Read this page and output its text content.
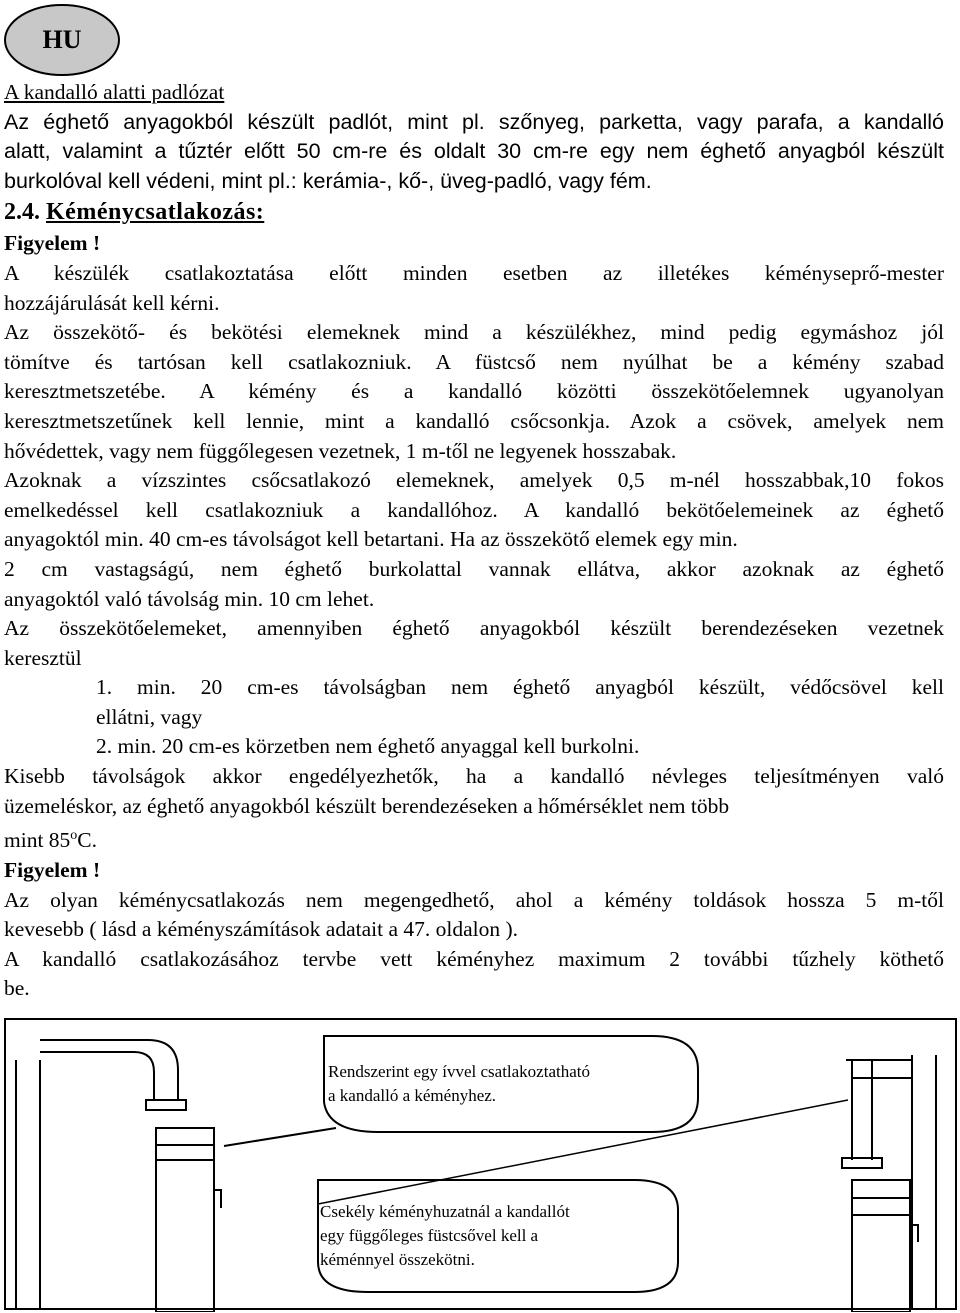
HU

A kandalló alatti padlózat

Az éghető anyagokból készült padlót, mint pl. szőnyeg, parketta, vagy parafa, a kandalló

alatt, valamint a tűztér előtt 50 cm-re és oldalt 30 cm-re egy nem éghető anyagból készült

burkolóval kell védeni, mint pl.: kerámia-, kő-, üveg-padló, vagy fém.

2.4. Kéménycsatlakozás:

Figyelem !

A készülék csatlakoztatása előtt minden esetben az illetékes kéményseprő-mester

hozzájárulását kell kérni.

Az összekötő- és bekötési elemeknek mind a készülékhez, mind pedig egymáshoz jól

tömítve és tartósan kell csatlakozniuk. A füstcső nem nyúlhat be a kémény szabad

keresztmetszetébe. A kémény és a kandalló közötti összekötőelemnek ugyanolyan

keresztmetszetűnek kell lennie, mint a kandalló csőcsonkja. Azok a csövek, amelyek nem

hővédettek, vagy nem függőlegesen vezetnek, 1 m-től ne legyenek hosszabak.

Azoknak a vízszintes csőcsatlakozó elemeknek, amelyek 0,5 m-nél hosszabbak,10 fokos

emelkedéssel kell csatlakozniuk a kandallóhoz. A kandalló bekötőelemeinek az éghető

anyagoktól min. 40 cm-es távolságot kell betartani. Ha az összekötő elemek egy min.

2 cm vastagságú, nem éghető burkolattal vannak ellátva, akkor azoknak az éghető

anyagoktól való távolság min. 10 cm lehet.

Az összekötőelemeket, amennyiben éghető anyagokból készült berendezéseken vezetnek

keresztül

1. min. 20 cm-es távolságban nem éghető anyagból készült, védőcsövel kell

ellátni, vagy

2. min. 20 cm-es körzetben nem éghető anyaggal kell burkolni.

Kisebb távolságok akkor engedélyezhetők, ha a kandalló névleges teljesítményen való

üzemeléskor, az éghető anyagokból készült berendezéseken a hőmérséklet nem több

mint 85$^o$C.

Figyelem !

Az olyan kéménycsatlakozás nem megengedhető, ahol a kémény toldások hossza 5 m-től

kevesebb ( lásd a kéményszámítások adatait a 47. oldalon ).

A kandalló csatlakozásához tervbe vett kéményhez maximum 2 további tűzhely köthető

be.

Rendszerint egy ívvel csatlakoztatható
a kandalló a kéményhez.
Csekély kéményhuzatnál a kandallót
egy függőleges füstcsővel kell a
kéménnyel összekötni.
